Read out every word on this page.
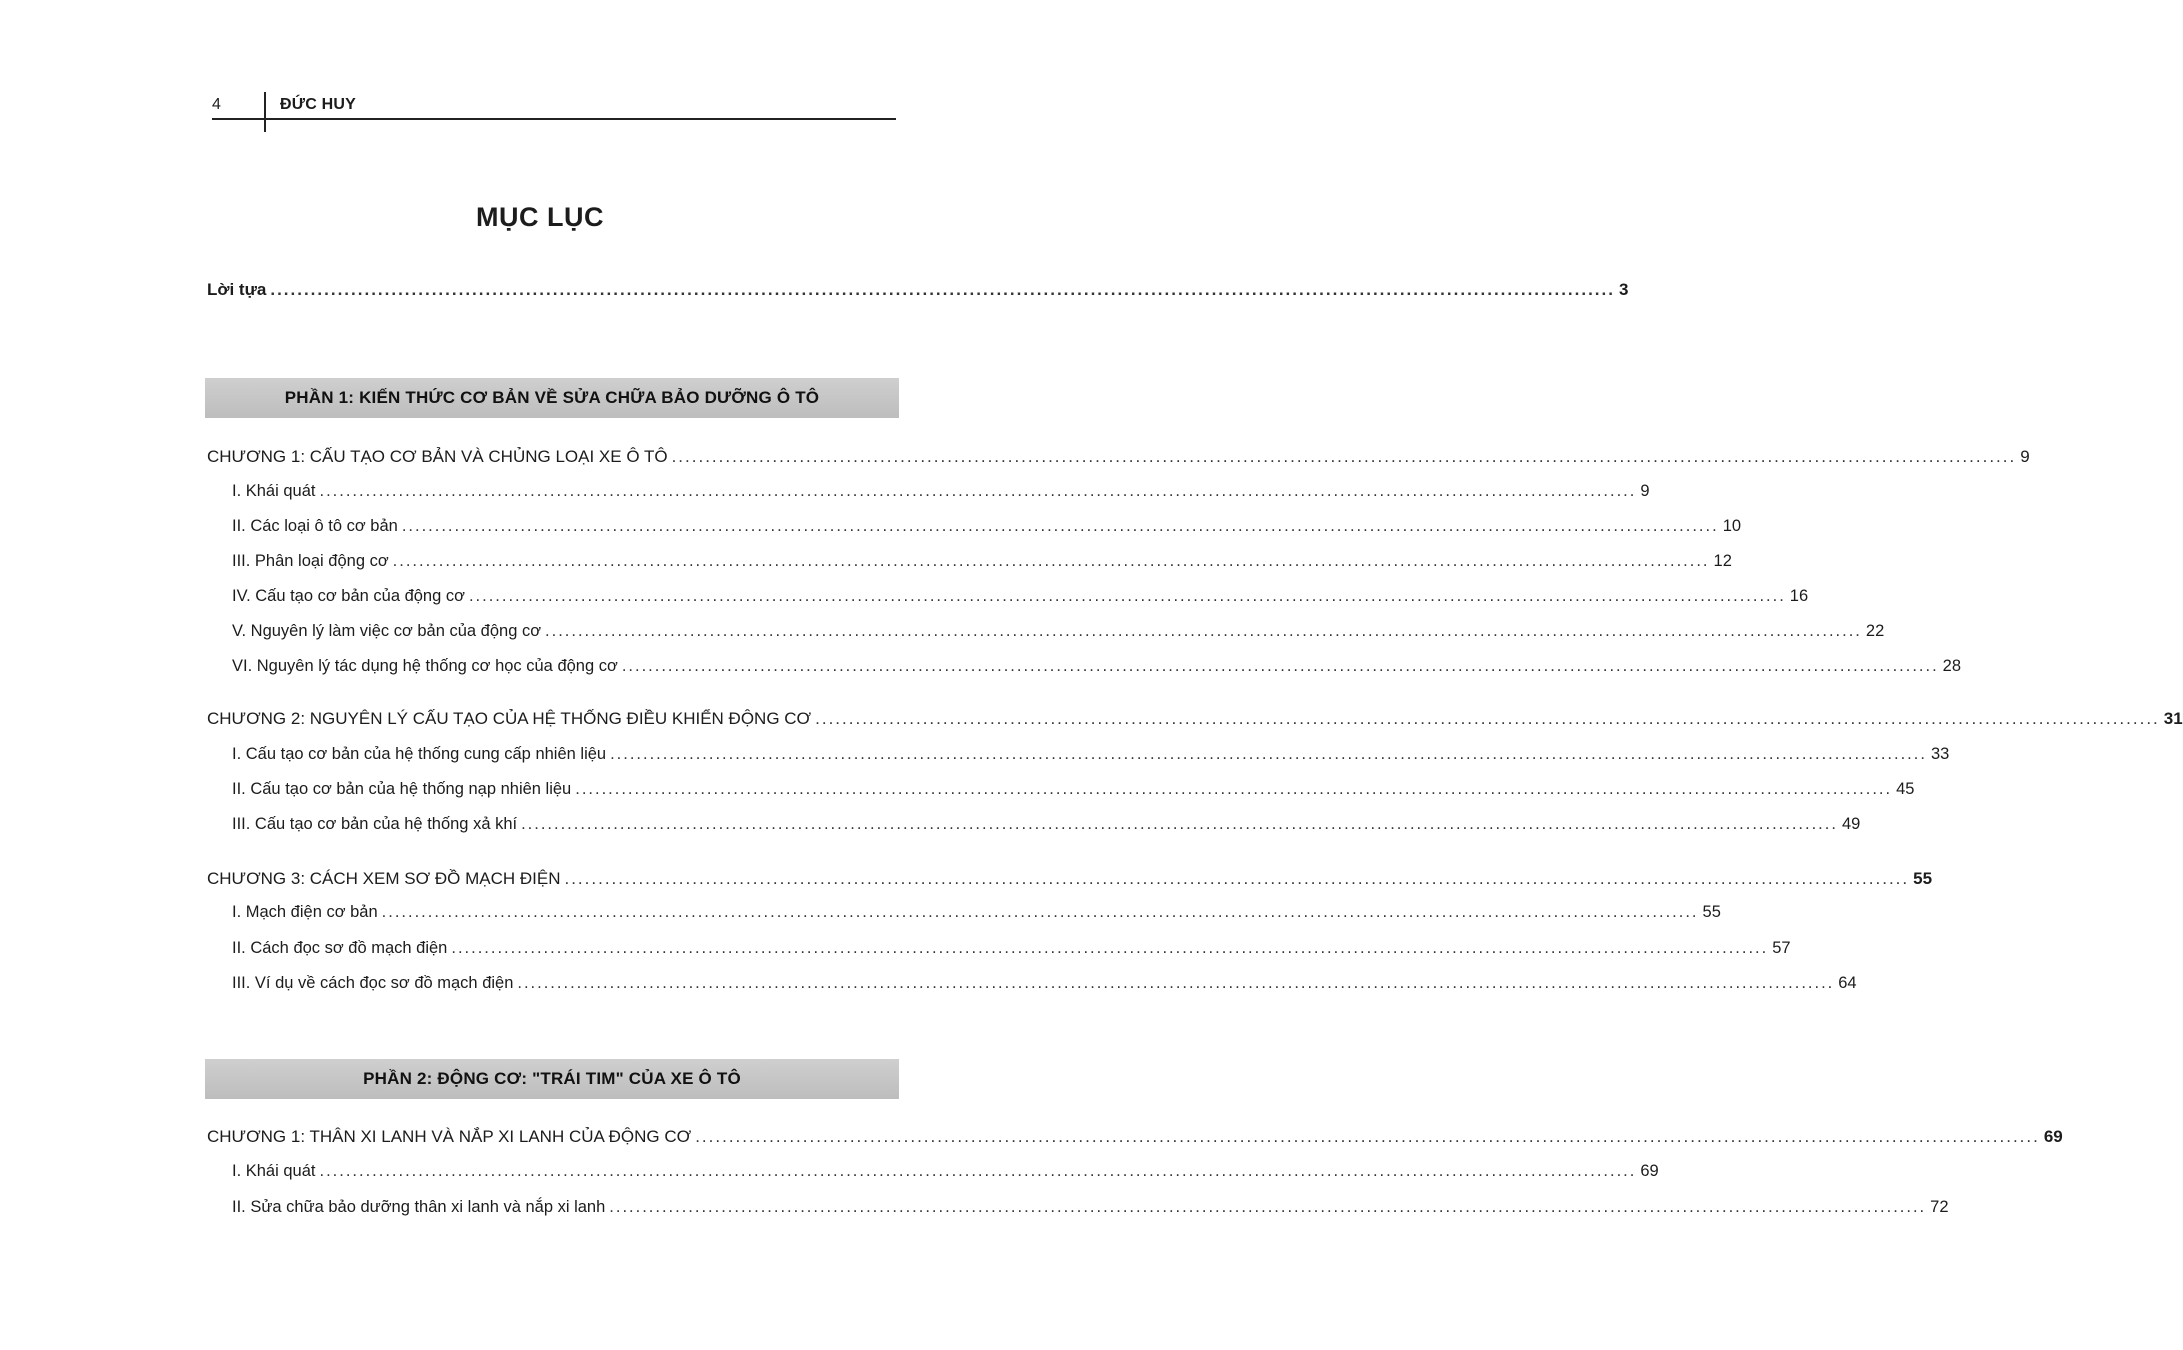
4	ĐỨC HUY
MỤC LỤC
Lời tựa ........................................................................................................................................................................................................ 3
PHẦN 1: KIẾN THỨC CƠ BẢN VỀ SỬA CHỮA BẢO DƯỠNG Ô TÔ
CHƯƠNG 1: CẤU TẠO CƠ BẢN VÀ CHỦNG LOẠI XE Ô TÔ ........................................................................................................................................................................................................ 9
I. Khái quát ........................................................................................................................................................................................................ 9
II. Các loại ô tô cơ bản ........................................................................................................................................................................................................ 10
III. Phân loại động cơ ........................................................................................................................................................................................................ 12
IV. Cấu tạo cơ bản của động cơ ........................................................................................................................................................................................................ 16
V. Nguyên lý làm việc cơ bản của động cơ ........................................................................................................................................................................................................ 22
VI. Nguyên lý tác dụng hệ thống cơ học của động cơ ........................................................................................................................................................................................................ 28
CHƯƠNG 2: NGUYÊN LÝ CẤU TẠO CỦA HỆ THỐNG ĐIỀU KHIỂN ĐỘNG CƠ ........................................................................................................................................................................................................ 31
I. Cấu tạo cơ bản của hệ thống cung cấp nhiên liệu ........................................................................................................................................................................................................ 33
II. Cấu tạo cơ bản của hệ thống nạp nhiên liệu ........................................................................................................................................................................................................ 45
III. Cấu tạo cơ bản của hệ thống xả khí ........................................................................................................................................................................................................ 49
CHƯƠNG 3: CÁCH XEM SƠ ĐỒ MẠCH ĐIỆN ........................................................................................................................................................................................................ 55
I. Mạch điện cơ bản ........................................................................................................................................................................................................ 55
II. Cách đọc sơ đồ mạch điện ........................................................................................................................................................................................................ 57
III. Ví dụ về cách đọc sơ đồ mạch điện ........................................................................................................................................................................................................ 64
PHẦN 2: ĐỘNG CƠ: "TRÁI TIM" CỦA XE Ô TÔ
CHƯƠNG 1: THÂN XI LANH VÀ NẮP XI LANH CỦA ĐỘNG CƠ ........................................................................................................................................................................................................ 69
I. Khái quát ........................................................................................................................................................................................................ 69
II. Sửa chữa bảo dưỡng thân xi lanh và nắp xi lanh ........................................................................................................................................................................................................ 72
